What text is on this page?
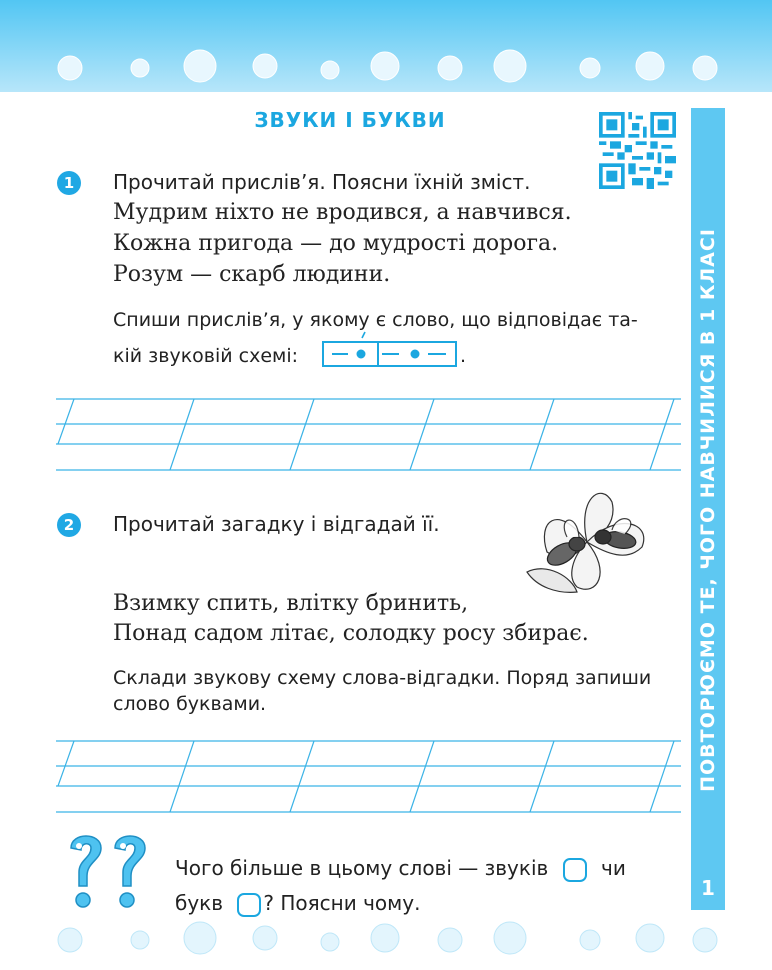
ЗВУКИ І БУКВИ
1	Прочитай прислів’я. Поясни їхній зміст.
Мудрим ніхто не вродився, а навчився.
Кожна пригода — до мудрості дорога.
Розум — скарб людини.
Спиши прислів’я, у якому є слово, що відповідає та-
кій звуковій схемі:	.
2	Прочитай загадку і відгадай її.
Взимку спить, влітку бринить,
Понад садом літає, солодку росу збирає.
Склади звукову схему слова-відгадки. Поряд запиши
слово буквами.
Чого більше в цьому слові — звуків	чи
букв ? Поясни чому.
ПОВТОРЮЄМО ТЕ, ЧОГО НАВЧИЛИСЯ В 1 КЛАСІ
1
